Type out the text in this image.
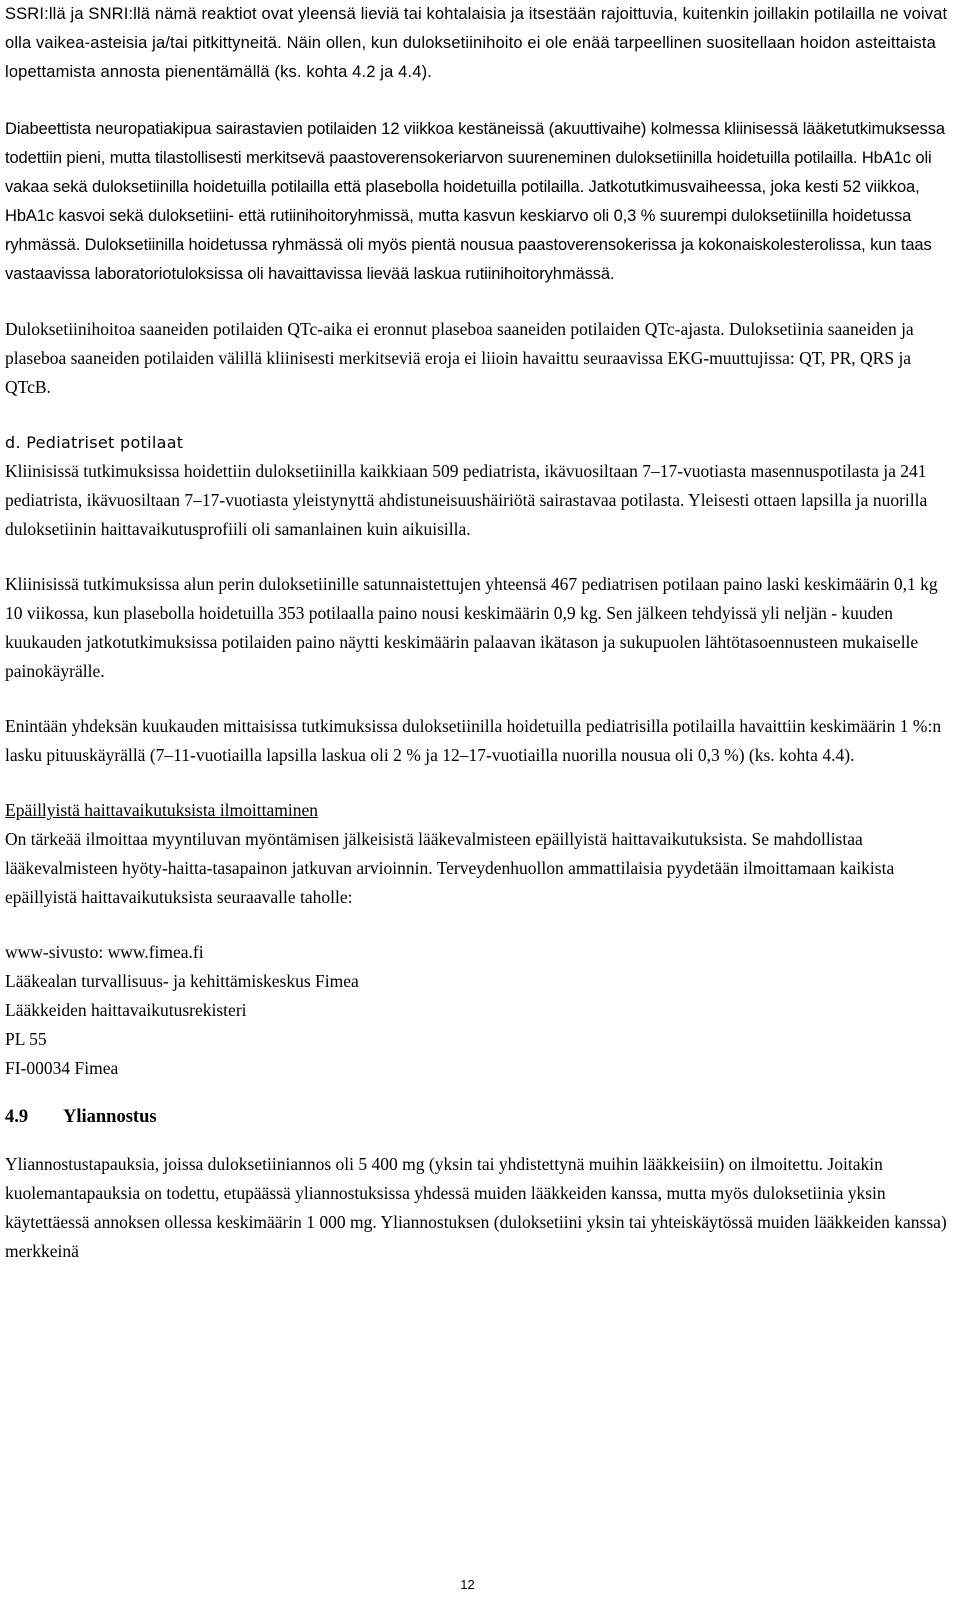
SSRI:llä ja SNRI:llä nämä reaktiot ovat yleensä lieviä tai kohtalaisia ja itsestään rajoittuvia, kuitenkin joillakin potilailla ne voivat olla vaikea-asteisia ja/tai pitkittyneitä. Näin ollen, kun duloksetiinihoito ei ole enää tarpeellinen suositellaan hoidon asteittaista lopettamista annosta pienentämällä (ks. kohta 4.2 ja 4.4).

Diabeettista neuropatiakipua sairastavien potilaiden 12 viikkoa kestäneissä (akuuttivaihe) kolmessa kliinisessä lääketutkimuksessa todettiin pieni, mutta tilastollisesti merkitsevä paastoverensokeriarvon suureneminen duloksetiinilla hoidetuilla potilailla. HbA1c oli vakaa sekä duloksetiinilla hoidetuilla potilailla että plasebolla hoidetuilla potilailla. Jatkotutkimusvaiheessa, joka kesti 52 viikkoa, HbA1c kasvoi sekä duloksetiini- että rutiinihoitoryhmissä, mutta kasvun keskiarvo oli 0,3 % suurempi duloksetiinilla hoidetussa ryhmässä. Duloksetiinilla hoidetussa ryhmässä oli myös pientä nousua paastoverensokerissa ja kokonaiskolesterolissa, kun taas vastaavissa laboratoriotuloksissa oli havaittavissa lievää laskua rutiinihoitoryhmässä.

Duloksetiinihoitoa saaneiden potilaiden QTc-aika ei eronnut plaseboa saaneiden potilaiden QTc-ajasta. Duloksetiinia saaneiden ja plaseboa saaneiden potilaiden välillä kliinisesti merkitseviä eroja ei liioin havaittu seuraavissa EKG-muuttujissa: QT, PR, QRS ja QTcB.

d. Pediatriset potilaat

Kliinisissä tutkimuksissa hoidettiin duloksetiinilla kaikkiaan 509 pediatrista, ikävuosiltaan 7–17-vuotiasta masennuspotilasta ja 241 pediatrista, ikävuosiltaan 7–17-vuotiasta yleistynyttä ahdistuneisuushäiriötä sairastavaa potilasta. Yleisesti ottaen lapsilla ja nuorilla duloksetiinin haittavaikutusprofiili oli samanlainen kuin aikuisilla.

Kliinisissä tutkimuksissa alun perin duloksetiinille satunnaistettujen yhteensä 467 pediatrisen potilaan paino laski keskimäärin 0,1 kg 10 viikossa, kun plasebolla hoidetuilla 353 potilaalla paino nousi keskimäärin 0,9 kg. Sen jälkeen tehdyissä yli neljän - kuuden kuukauden jatkotutkimuksissa potilaiden paino näytti keskimäärin palaavan ikätason ja sukupuolen lähtötasoennusteen mukaiselle painokäyrälle.

Enintään yhdeksän kuukauden mittaisissa tutkimuksissa duloksetiinilla hoidetuilla pediatrisilla potilailla havaittiin keskimäärin 1 %:n lasku pituuskäyrällä (7–11-vuotiailla lapsilla laskua oli 2 % ja 12–17-vuotiailla nuorilla nousua oli 0,3 %) (ks. kohta 4.4).

Epäillyistä haittavaikutuksista ilmoittaminen

On tärkeää ilmoittaa myyntiluvan myöntämisen jälkeisistä lääkevalmisteen epäillyistä haittavaikutuksista. Se mahdollistaa lääkevalmisteen hyöty-haitta-tasapainon jatkuvan arvioinnin. Terveydenhuollon ammattilaisia pyydetään ilmoittamaan kaikista epäillyistä haittavaikutuksista seuraavalle taholle:

www-sivusto: www.fimea.fi
Lääkealan turvallisuus- ja kehittämiskeskus Fimea
Lääkkeiden haittavaikutusrekisteri
PL 55
FI-00034 Fimea
4.9 Yliannostus

Yliannostustapauksia, joissa duloksetiiniannos oli 5 400 mg (yksin tai yhdistettynä muihin lääkkeisiin) on ilmoitettu. Joitakin kuolemantapauksia on todettu, etupäässä yliannostuksissa yhdessä muiden lääkkeiden kanssa, mutta myös duloksetiinia yksin käytettäessä annoksen ollessa keskimäärin 1 000 mg. Yliannostuksen (duloksetiini yksin tai yhteiskäytössä muiden lääkkeiden kanssa) merkkeinä

12
